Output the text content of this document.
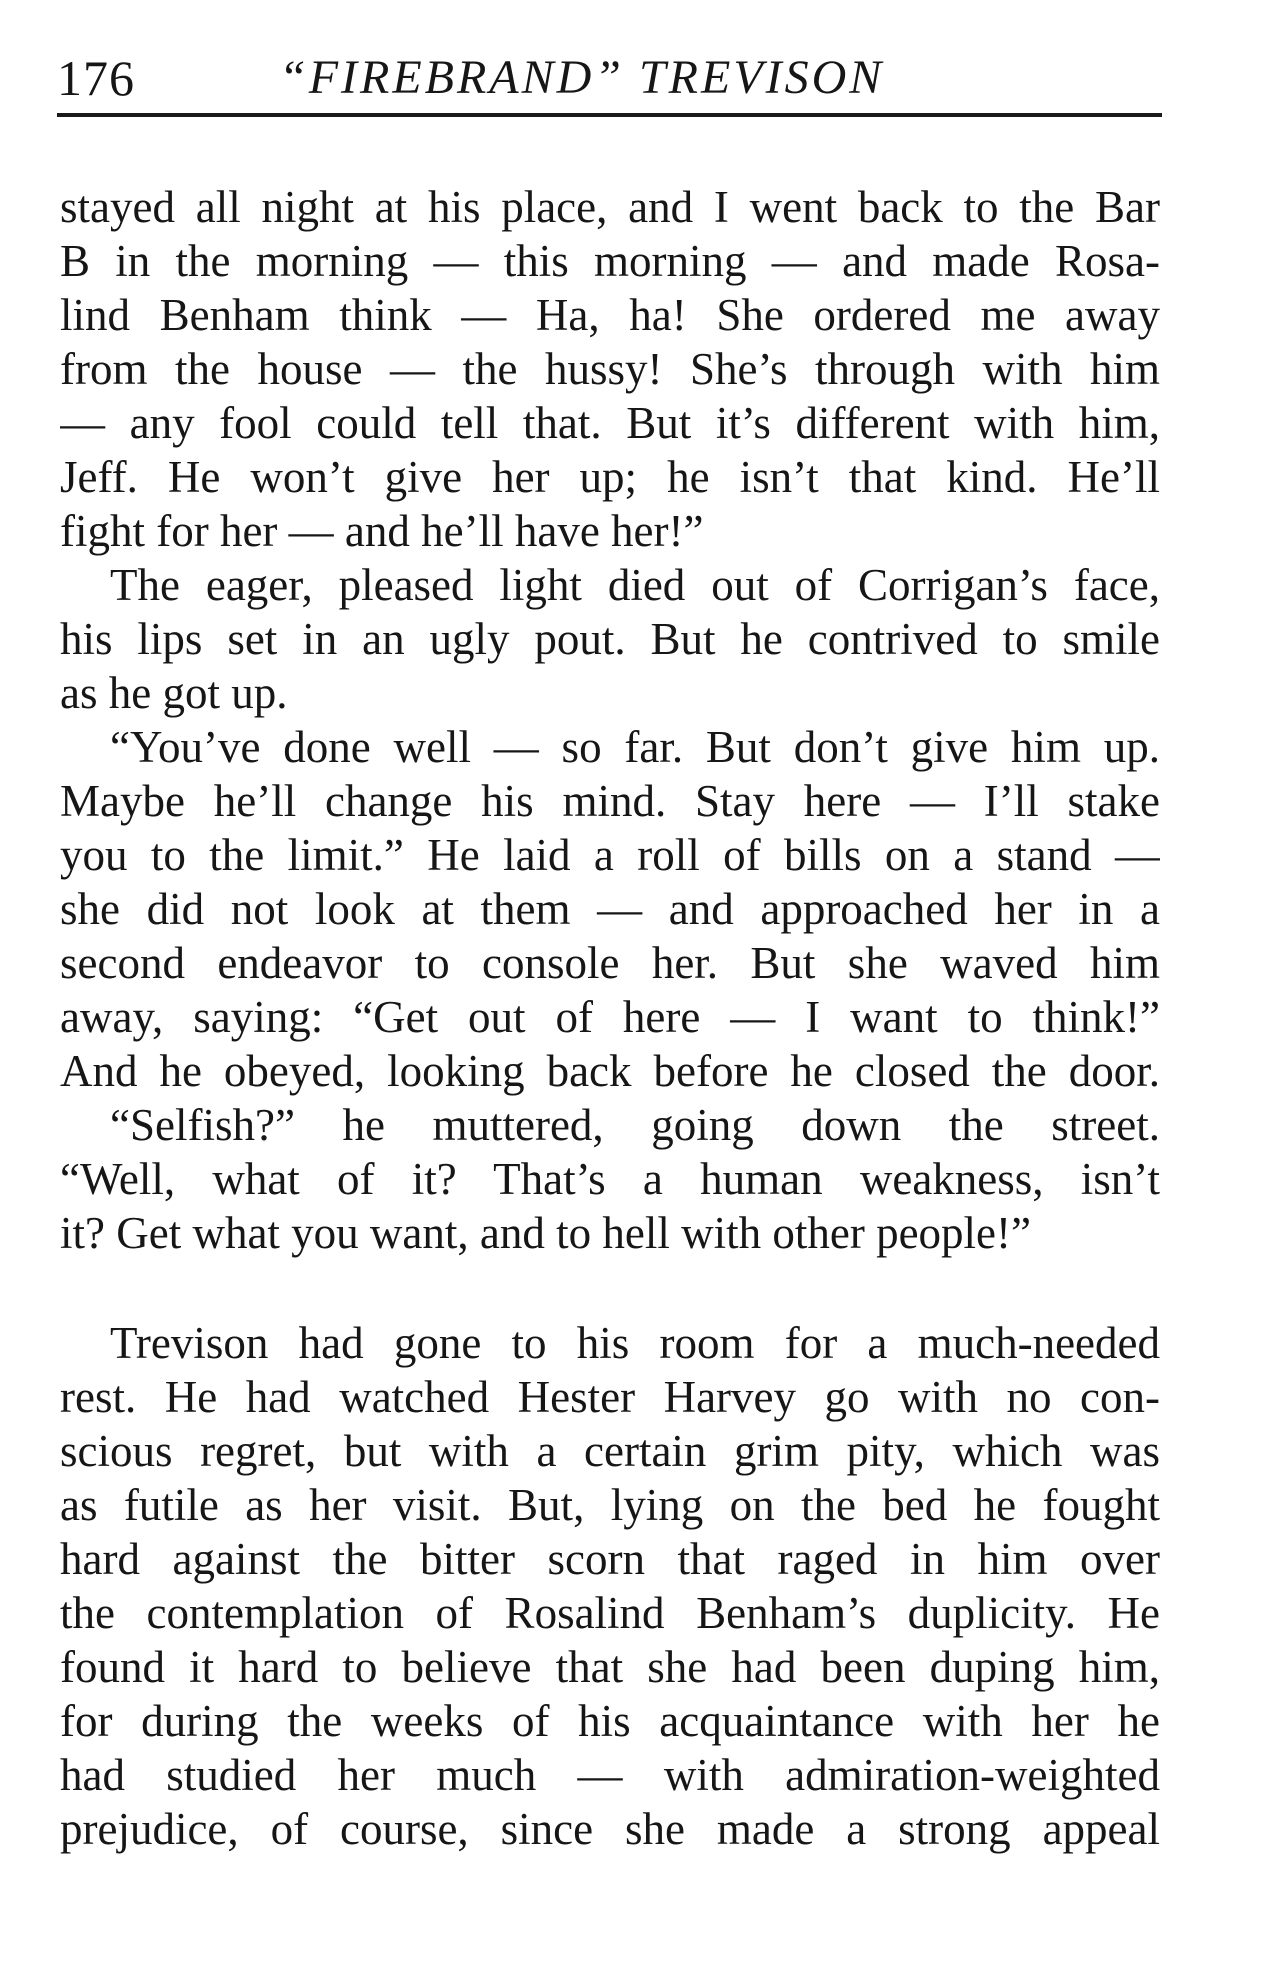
176	“FIREBRAND” TREVISON
stayed all night at his place, and I went back to the Bar
B in the morning — this morning — and made Rosa-
lind Benham think — Ha, ha! She ordered me away
from the house — the hussy! She’s through with him
— any fool could tell that. But it’s different with him,
Jeff. He won’t give her up; he isn’t that kind. He’ll
fight for her — and he’ll have her!”
The eager, pleased light died out of Corrigan’s face,
his lips set in an ugly pout. But he contrived to smile
as he got up.
“You’ve done well — so far. But don’t give him up.
Maybe he’ll change his mind. Stay here — I’ll stake
you to the limit.” He laid a roll of bills on a stand —
she did not look at them — and approached her in a
second endeavor to console her. But she waved him
away, saying: “Get out of here — I want to think!”
And he obeyed, looking back before he closed the door.
“Selfish?” he muttered, going down the street.
“Well, what of it? That’s a human weakness, isn’t
it? Get what you want, and to hell with other people!”
Trevison had gone to his room for a much-needed
rest. He had watched Hester Harvey go with no con-
scious regret, but with a certain grim pity, which was
as futile as her visit. But, lying on the bed he fought
hard against the bitter scorn that raged in him over
the contemplation of Rosalind Benham’s duplicity. He
found it hard to believe that she had been duping him,
for during the weeks of his acquaintance with her he
had studied her much — with admiration-weighted
prejudice, of course, since she made a strong appeal
